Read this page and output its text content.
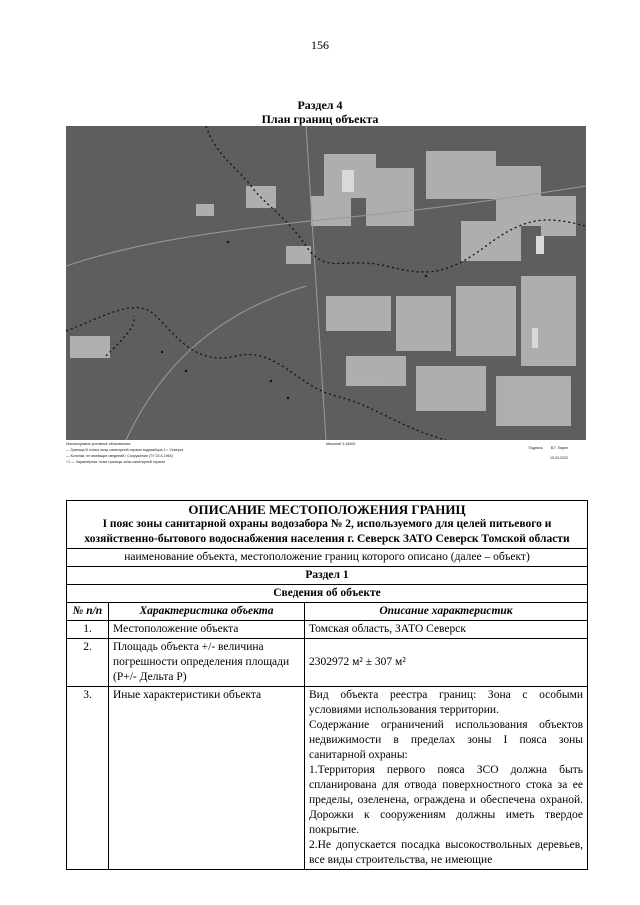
156
Раздел 4
План границ объекта
Используемые условные обозначения:
— Граница III пояса зоны санитарной охраны водозабора 1 г. Северск
— Колонки, не имеющие сведений / Сооружения (ТУ 22.4-1964)
+1 — Характерная точка границы зоны санитарной охраны
Масштаб 1:18400
Подпись В.Г. Ларин
15.03.2022
ОПИСАНИЕ МЕСТОПОЛОЖЕНИЯ ГРАНИЦ
I пояс зоны санитарной охраны водозабора № 2, используемого для целей питьевого и хозяйственно-бытового водоснабжения населения г. Северск ЗАТО Северск Томской области		

наименование объекта, местоположение границ которого описано (далее – объект)		
Раздел 1		
Сведения об объекте		
№ п/п	Характеристика объекта	Описание характеристик
1.	Местоположение объекта	Томская область, ЗАТО Северск
2.	Площадь объекта +/- величина погрешности определения площади (Р+/- Дельта Р)	2302972 м² ± 307 м²
3.	Иные характеристики объекта	Вид объекта реестра границ: Зона с особыми условиями использования территории.
Содержание ограничений использования объектов недвижимости в пределах зоны I пояса зоны санитарной охраны:
1.Территория первого пояса ЗСО должна быть спланирована для отвода поверхностного стока за ее пределы, озеленена, ограждена и обеспечена охраной. Дорожки к сооружениям должны иметь твердое покрытие.
2.Не допускается посадка высокоствольных деревьев, все виды строительства, не имеющие
